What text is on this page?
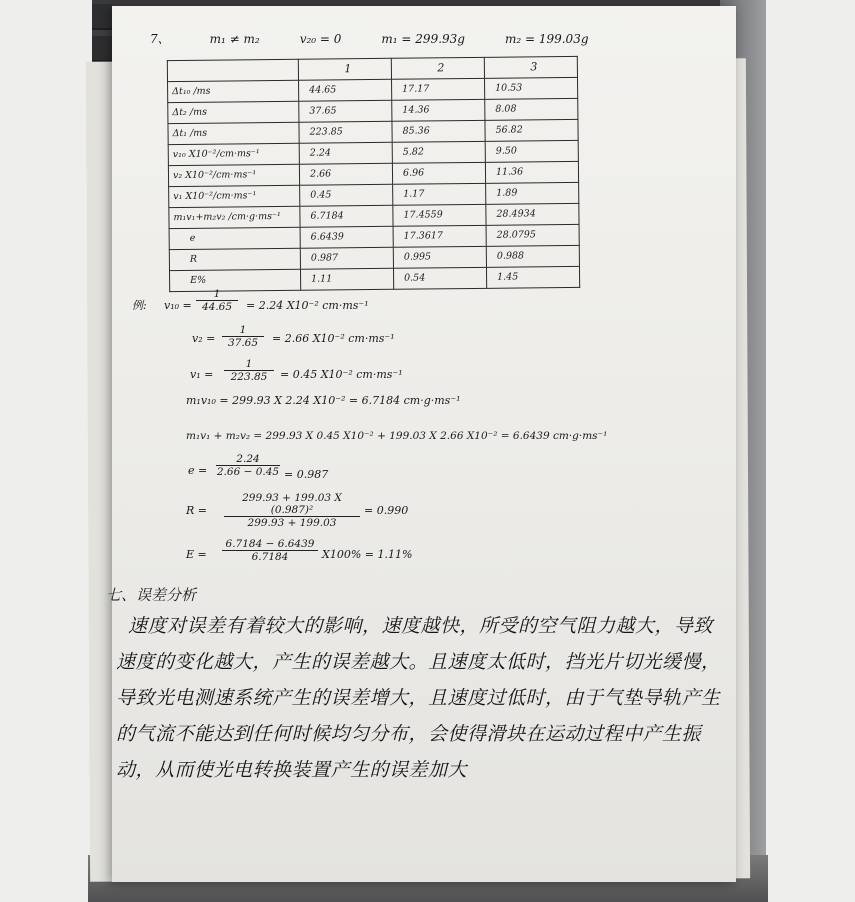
7、	m₁ ≠ m₂	v₂₀ = 0	m₁ = 299.93g	m₂ = 199.03g
	1	2	3
Δt₁₀ /ms	44.65	17.17	10.53
Δt₂ /ms	37.65	14.36	8.08
Δt₁ /ms	223.85	85.36	56.82
v₁₀ X10⁻²/cm·ms⁻¹	2.24	5.82	9.50
v₂ X10⁻²/cm·ms⁻¹	2.66	6.96	11.36
v₁ X10⁻²/cm·ms⁻¹	0.45	1.17	1.89
m₁v₁+m₂v₂ /cm·g·ms⁻¹	6.7184	17.4559	28.4934
e	6.6439	17.3617	28.0795
R	0.987	0.995	0.988
E%	1.11	0.54	1.45
例: $v_{10} = \frac{1}{44.65} = 2.24$ X10⁻² cm·ms⁻¹
$v_2 = \frac{1}{37.65} = 2.66$ X10⁻² cm·ms⁻¹
$v_1 = \frac{1}{223.85} = 0.45$ X10⁻² cm·ms⁻¹
m₁v₁₀ = 299.93 X 2.24 X10⁻² = 6.7184 cm·g·ms⁻¹
m₁v₁ + m₂v₂ = 299.93 X 0.45 X10⁻² + 199.03 X 2.66 X10⁻² = 6.6439 cm·g·ms⁻¹
$e = \frac{2.24}{2.66 - 0.45} = 0.987$
$R = \frac{\text{299.93 + 199.03 X (0.987)²}}{299.93 + 199.03} = 0.990$
$E = \frac{6.7184 - 6.6439}{6.7184} X100\% = 1.11\%$
七、误差分析
速度对误差有着较大的影响，速度越快，所受的空气阻力越大，导致速度的变化越大，产生的误差越大。且速度太低时，挡光片切光缓慢，导致光电测速系统产生的误差增大，且速度过低时，由于气垫导轨产生的气流不能达到任何时候均匀分布，会使得滑块在运动过程中产生振动，从而使光电转换装置产生的误差加大
